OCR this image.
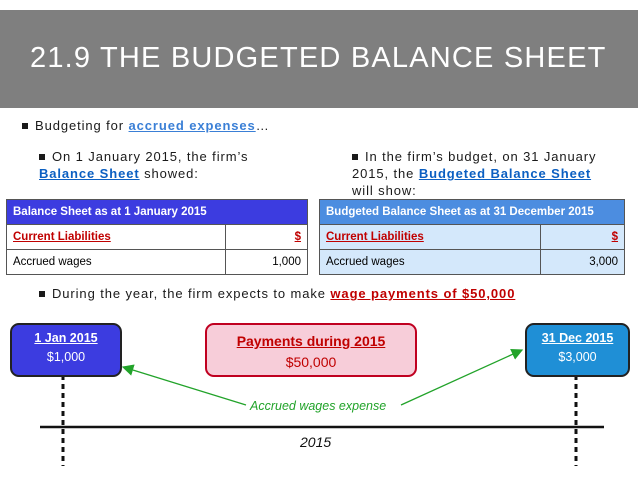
21.9 THE BUDGETED BALANCE SHEET
Budgeting for accrued expenses…
On 1 January 2015, the firm’s Balance Sheet showed:
In the firm’s budget, on 31 January 2015, the Budgeted Balance Sheet will show:
Balance Sheet as at 1 January 2015	
Current Liabilities	$
Accrued wages	1,000
Budgeted Balance Sheet as at 31 December 2015	
Current Liabilities	$
Accrued wages	3,000
During the year, the firm expects to make wage payments of $50,000
1 Jan 2015
$1,000
Payments during 2015
$50,000
31 Dec 2015
$3,000
Accrued wages expense
2015
